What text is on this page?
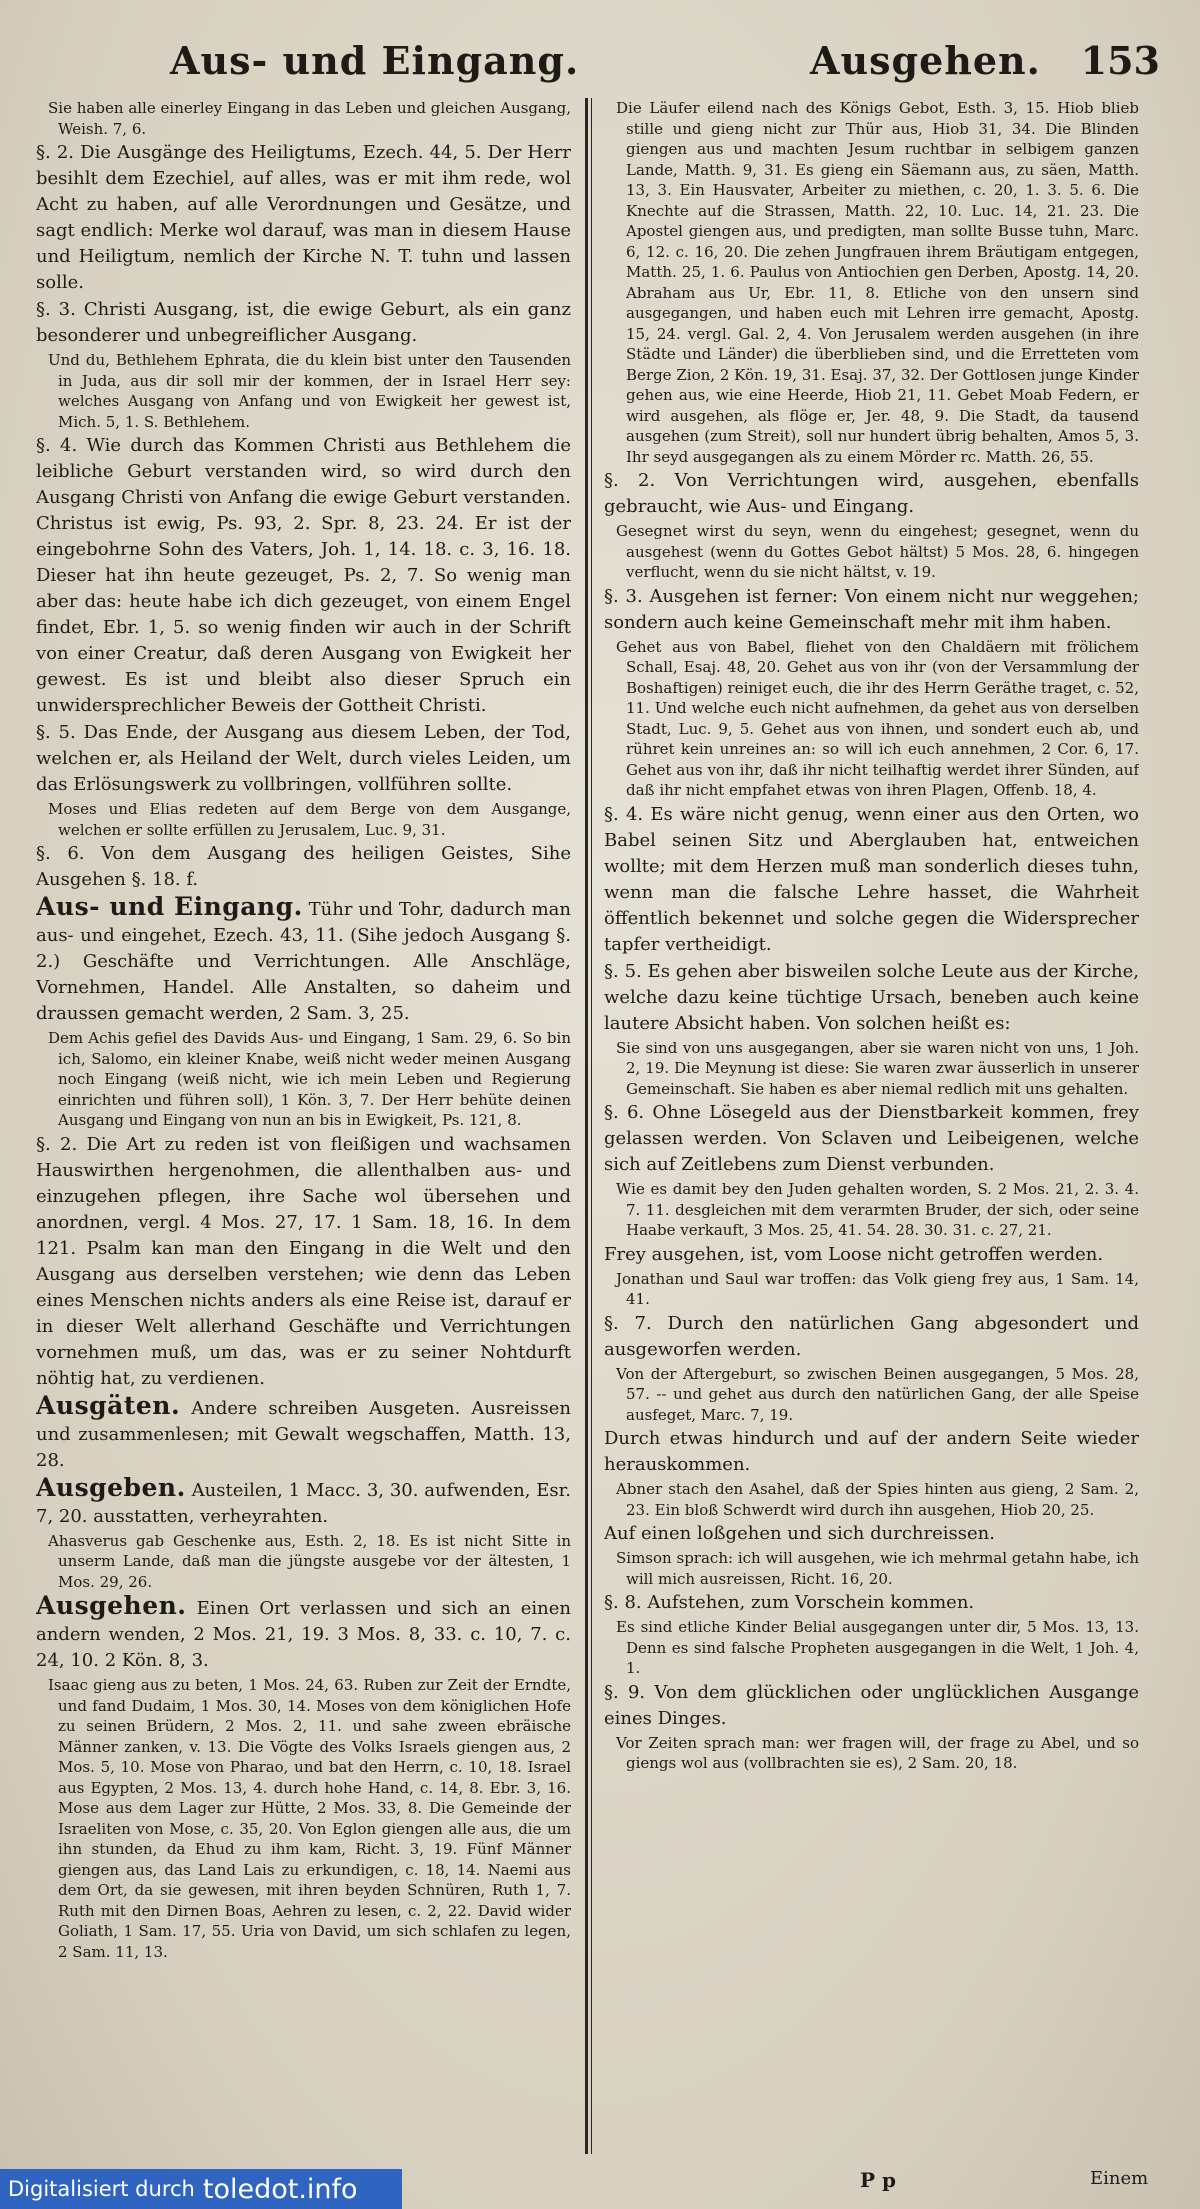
Aus- und Eingang.	Ausgehen. 153

Sie haben alle einerley Eingang in das Leben und gleichen Ausgang, Weish. 7, 6.

§. 2. Die Ausgänge des Heiligtums, Ezech. 44, 5. Der Herr besihlt dem Ezechiel, auf alles, was er mit ihm rede, wol Acht zu haben, auf alle Verordnungen und Gesätze, und sagt endlich: Merke wol darauf, was man in diesem Hause und Heiligtum, nemlich der Kirche N. T. tuhn und lassen solle.

§. 3. Christi Ausgang, ist, die ewige Geburt, als ein ganz besonderer und unbegreiflicher Ausgang.

Und du, Bethlehem Ephrata, die du klein bist unter den Tausenden in Juda, aus dir soll mir der kommen, der in Israel Herr sey: welches Ausgang von Anfang und von Ewigkeit her gewest ist, Mich. 5, 1. S. Bethlehem.

§. 4. Wie durch das Kommen Christi aus Bethlehem die leibliche Geburt verstanden wird, so wird durch den Ausgang Christi von Anfang die ewige Geburt verstanden. Christus ist ewig, Ps. 93, 2. Spr. 8, 23. 24. Er ist der eingebohrne Sohn des Vaters, Joh. 1, 14. 18. c. 3, 16. 18. Dieser hat ihn heute gezeuget, Ps. 2, 7. So wenig man aber das: heute habe ich dich gezeuget, von einem Engel findet, Ebr. 1, 5. so wenig finden wir auch in der Schrift von einer Creatur, daß deren Ausgang von Ewigkeit her gewest. Es ist und bleibt also dieser Spruch ein unwidersprechlicher Beweis der Gottheit Christi.

§. 5. Das Ende, der Ausgang aus diesem Leben, der Tod, welchen er, als Heiland der Welt, durch vieles Leiden, um das Erlösungswerk zu vollbringen, vollführen sollte.

Moses und Elias redeten auf dem Berge von dem Ausgange, welchen er sollte erfüllen zu Jerusalem, Luc. 9, 31.

§. 6. Von dem Ausgang des heiligen Geistes, Sihe Ausgehen §. 18. f.

Aus- und Eingang. Tühr und Tohr, dadurch man aus- und eingehet, Ezech. 43, 11. (Sihe jedoch Ausgang §. 2.) Geschäfte und Verrichtungen. Alle Anschläge, Vornehmen, Handel. Alle Anstalten, so daheim und draussen gemacht werden, 2 Sam. 3, 25.

Dem Achis gefiel des Davids Aus- und Eingang, 1 Sam. 29, 6. So bin ich, Salomo, ein kleiner Knabe, weiß nicht weder meinen Ausgang noch Eingang (weiß nicht, wie ich mein Leben und Regierung einrichten und führen soll), 1 Kön. 3, 7. Der Herr behüte deinen Ausgang und Eingang von nun an bis in Ewigkeit, Ps. 121, 8.

§. 2. Die Art zu reden ist von fleißigen und wachsamen Hauswirthen hergenohmen, die allenthalben aus- und einzugehen pflegen, ihre Sache wol übersehen und anordnen, vergl. 4 Mos. 27, 17. 1 Sam. 18, 16. In dem 121. Psalm kan man den Eingang in die Welt und den Ausgang aus derselben verstehen; wie denn das Leben eines Menschen nichts anders als eine Reise ist, darauf er in dieser Welt allerhand Geschäfte und Verrichtungen vornehmen muß, um das, was er zu seiner Nohtdurft nöhtig hat, zu verdienen.

Ausgäten. Andere schreiben Ausgeten. Ausreissen und zusammenlesen; mit Gewalt wegschaffen, Matth. 13, 28.

Ausgeben. Austeilen, 1 Macc. 3, 30. aufwenden, Esr. 7, 20. ausstatten, verheyrahten.

Ahasverus gab Geschenke aus, Esth. 2, 18. Es ist nicht Sitte in unserm Lande, daß man die jüngste ausgebe vor der ältesten, 1 Mos. 29, 26.

Ausgehen. Einen Ort verlassen und sich an einen andern wenden, 2 Mos. 21, 19. 3 Mos. 8, 33. c. 10, 7. c. 24, 10. 2 Kön. 8, 3.

Isaac gieng aus zu beten, 1 Mos. 24, 63. Ruben zur Zeit der Erndte, und fand Dudaim, 1 Mos. 30, 14. Moses von dem königlichen Hofe zu seinen Brüdern, 2 Mos. 2, 11. und sahe zween ebräische Männer zanken, v. 13. Die Vögte des Volks Israels giengen aus, 2 Mos. 5, 10. Mose von Pharao, und bat den Herrn, c. 10, 18. Israel aus Egypten, 2 Mos. 13, 4. durch hohe Hand, c. 14, 8. Ebr. 3, 16. Mose aus dem Lager zur Hütte, 2 Mos. 33, 8. Die Gemeinde der Israeliten von Mose, c. 35, 20. Von Eglon giengen alle aus, die um ihn stunden, da Ehud zu ihm kam, Richt. 3, 19. Fünf Männer giengen aus, das Land Lais zu erkundigen, c. 18, 14. Naemi aus dem Ort, da sie gewesen, mit ihren beyden Schnüren, Ruth 1, 7. Ruth mit den Dirnen Boas, Aehren zu lesen, c. 2, 22. David wider Goliath, 1 Sam. 17, 55. Uria von David, um sich schlafen zu legen, 2 Sam. 11, 13.

Die Läufer eilend nach des Königs Gebot, Esth. 3, 15. Hiob blieb stille und gieng nicht zur Thür aus, Hiob 31, 34. Die Blinden giengen aus und machten Jesum ruchtbar in selbigem ganzen Lande, Matth. 9, 31. Es gieng ein Säemann aus, zu säen, Matth. 13, 3. Ein Hausvater, Arbeiter zu miethen, c. 20, 1. 3. 5. 6. Die Knechte auf die Strassen, Matth. 22, 10. Luc. 14, 21. 23. Die Apostel giengen aus, und predigten, man sollte Busse tuhn, Marc. 6, 12. c. 16, 20. Die zehen Jungfrauen ihrem Bräutigam entgegen, Matth. 25, 1. 6. Paulus von Antiochien gen Derben, Apostg. 14, 20. Abraham aus Ur, Ebr. 11, 8. Etliche von den unsern sind ausgegangen, und haben euch mit Lehren irre gemacht, Apostg. 15, 24. vergl. Gal. 2, 4. Von Jerusalem werden ausgehen (in ihre Städte und Länder) die überblieben sind, und die Erretteten vom Berge Zion, 2 Kön. 19, 31. Esaj. 37, 32. Der Gottlosen junge Kinder gehen aus, wie eine Heerde, Hiob 21, 11. Gebet Moab Federn, er wird ausgehen, als flöge er, Jer. 48, 9. Die Stadt, da tausend ausgehen (zum Streit), soll nur hundert übrig behalten, Amos 5, 3. Ihr seyd ausgegangen als zu einem Mörder rc. Matth. 26, 55.

§. 2. Von Verrichtungen wird, ausgehen, ebenfalls gebraucht, wie Aus- und Eingang.

Gesegnet wirst du seyn, wenn du eingehest; gesegnet, wenn du ausgehest (wenn du Gottes Gebot hältst) 5 Mos. 28, 6. hingegen verflucht, wenn du sie nicht hältst, v. 19.

§. 3. Ausgehen ist ferner: Von einem nicht nur weggehen; sondern auch keine Gemeinschaft mehr mit ihm haben.

Gehet aus von Babel, fliehet von den Chaldäern mit frölichem Schall, Esaj. 48, 20. Gehet aus von ihr (von der Versammlung der Boshaftigen) reiniget euch, die ihr des Herrn Geräthe traget, c. 52, 11. Und welche euch nicht aufnehmen, da gehet aus von derselben Stadt, Luc. 9, 5. Gehet aus von ihnen, und sondert euch ab, und rühret kein unreines an: so will ich euch annehmen, 2 Cor. 6, 17. Gehet aus von ihr, daß ihr nicht teilhaftig werdet ihrer Sünden, auf daß ihr nicht empfahet etwas von ihren Plagen, Offenb. 18, 4.

§. 4. Es wäre nicht genug, wenn einer aus den Orten, wo Babel seinen Sitz und Aberglauben hat, entweichen wollte; mit dem Herzen muß man sonderlich dieses tuhn, wenn man die falsche Lehre hasset, die Wahrheit öffentlich bekennet und solche gegen die Widersprecher tapfer vertheidigt.

§. 5. Es gehen aber bisweilen solche Leute aus der Kirche, welche dazu keine tüchtige Ursach, beneben auch keine lautere Absicht haben. Von solchen heißt es:

Sie sind von uns ausgegangen, aber sie waren nicht von uns, 1 Joh. 2, 19. Die Meynung ist diese: Sie waren zwar äusserlich in unserer Gemeinschaft. Sie haben es aber niemal redlich mit uns gehalten.

§. 6. Ohne Lösegeld aus der Dienstbarkeit kommen, frey gelassen werden. Von Sclaven und Leibeigenen, welche sich auf Zeitlebens zum Dienst verbunden.

Wie es damit bey den Juden gehalten worden, S. 2 Mos. 21, 2. 3. 4. 7. 11. desgleichen mit dem verarmten Bruder, der sich, oder seine Haabe verkauft, 3 Mos. 25, 41. 54. 28. 30. 31. c. 27, 21.

Frey ausgehen, ist, vom Loose nicht getroffen werden.

Jonathan und Saul war troffen: das Volk gieng frey aus, 1 Sam. 14, 41.

§. 7. Durch den natürlichen Gang abgesondert und ausgeworfen werden.

Von der Aftergeburt, so zwischen Beinen ausgegangen, 5 Mos. 28, 57. -- und gehet aus durch den natürlichen Gang, der alle Speise ausfeget, Marc. 7, 19.

Durch etwas hindurch und auf der andern Seite wieder herauskommen.

Abner stach den Asahel, daß der Spies hinten aus gieng, 2 Sam. 2, 23. Ein bloß Schwerdt wird durch ihn ausgehen, Hiob 20, 25.

Auf einen loßgehen und sich durchreissen.

Simson sprach: ich will ausgehen, wie ich mehrmal getahn habe, ich will mich ausreissen, Richt. 16, 20.

§. 8. Aufstehen, zum Vorschein kommen.

Es sind etliche Kinder Belial ausgegangen unter dir, 5 Mos. 13, 13. Denn es sind falsche Propheten ausgegangen in die Welt, 1 Joh. 4, 1.

§. 9. Von dem glücklichen oder unglücklichen Ausgange eines Dinges.

Vor Zeiten sprach man: wer fragen will, der frage zu Abel, und so giengs wol aus (vollbrachten sie es), 2 Sam. 20, 18.

P p	Einem
Digitalisiert durch toledot.info
